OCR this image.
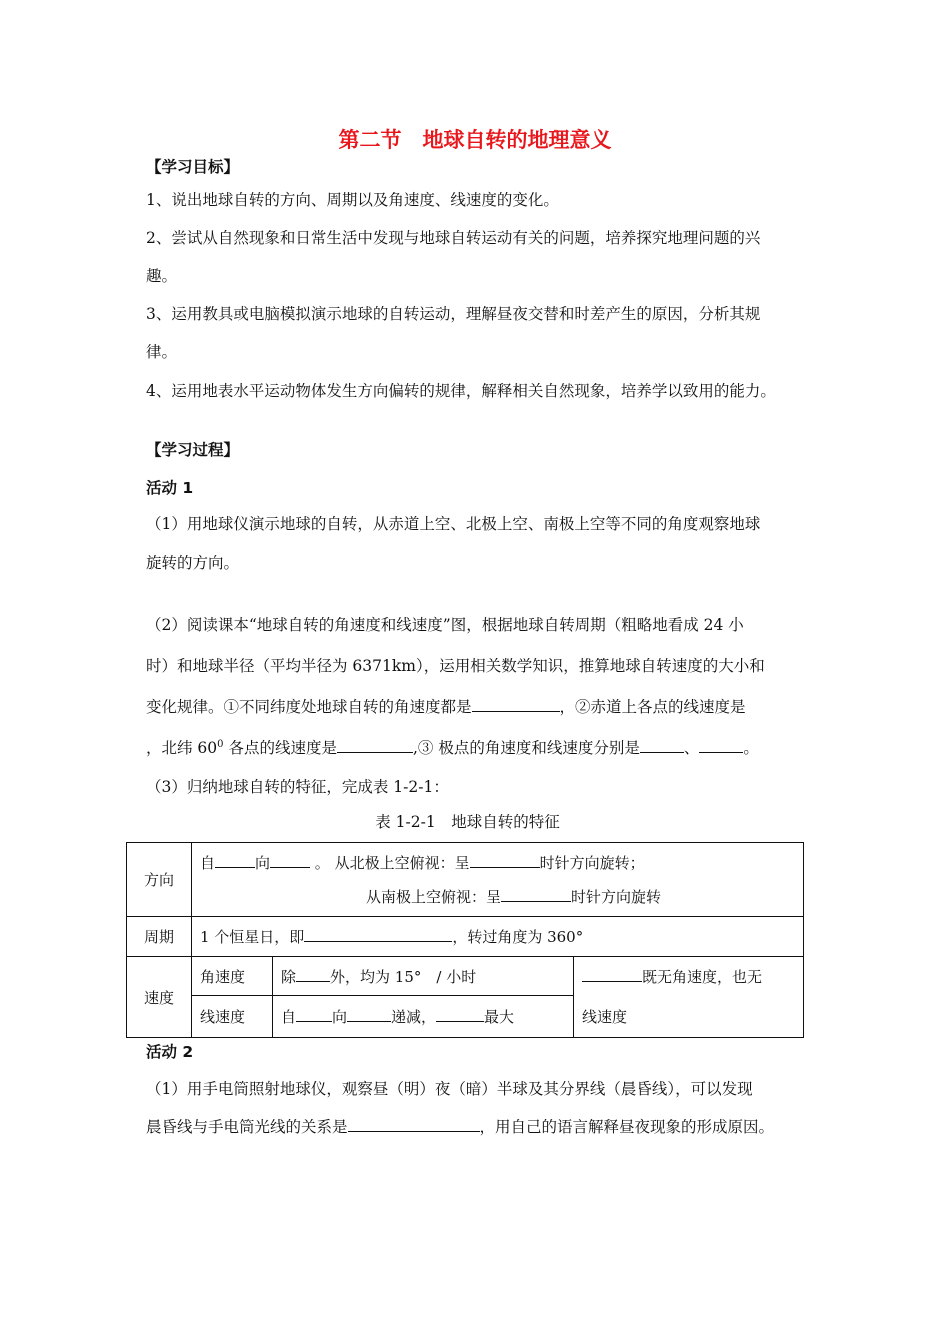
第二节　地球自转的地理意义
【学习目标】
1、说出地球自转的方向、周期以及角速度、线速度的变化。
2、尝试从自然现象和日常生活中发现与地球自转运动有关的问题，培养探究地理问题的兴
趣。
3、运用教具或电脑模拟演示地球的自转运动，理解昼夜交替和时差产生的原因，分析其规
律。
4、运用地表水平运动物体发生方向偏转的规律，解释相关自然现象，培养学以致用的能力。
【学习过程】
活动 1
（1）用地球仪演示地球的自转，从赤道上空、北极上空、南极上空等不同的角度观察地球
旋转的方向。
（2）阅读课本“地球自转的角速度和线速度”图，根据地球自转周期（粗略地看成 24 小
时）和地球半径（平均半径为 6371km），运用相关数学知识，推算地球自转速度的大小和
变化规律。①不同纬度处地球自转的角速度都是	，②赤道上各点的线速度是
，北纬 $60^0$ 各点的线速度是	,③ 极点的角速度和线速度分别是	、	。
（3）归纳地球自转的特征，完成表 1-2-1：
表 1-2-1　地球自转的特征
方向	自 向 。 从北极上空俯视：呈 时针方向旋转；
从南极上空俯视：呈 时针方向旋转		

周期	1 个恒星日，即 ，转过角度为 360°		
速度	角速度	除 外，均为 15°　/ 小时	既无角速度，也无
线速度

	线速度	自 向 递减， 最大	
活动 2
（1）用手电筒照射地球仪，观察昼（明）夜（暗）半球及其分界线（晨昏线），可以发现
晨昏线与手电筒光线的关系是	，用自己的语言解释昼夜现象的形成原因。
